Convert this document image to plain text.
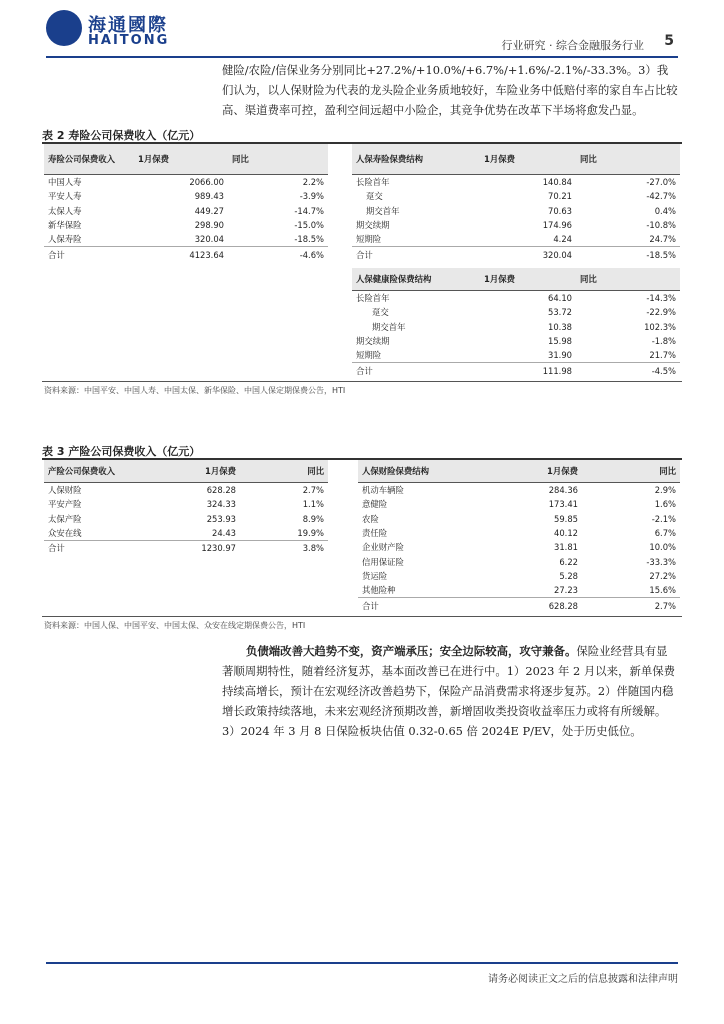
海通國際
HAITONG	行业研究 · 综合金融服务行业 5

健险/农险/信保业务分别同比+27.2%/+10.0%/+6.7%/+1.6%/-2.1%/-33.3%。3）我们认为，以人保财险为代表的龙头险企业务质地较好，车险业务中低赔付率的家自车占比较高、渠道费率可控，盈利空间远超中小险企，其竞争优势在改革下半场将愈发凸显。

表 2 寿险公司保费收入（亿元）
寿险公司保费收入	1月保费	同比
中国人寿	2066.00	2.2%
平安人寿	989.43	-3.9%
太保人寿	449.27	-14.7%
新华保险	298.90	-15.0%
人保寿险	320.04	-18.5%
合计	4123.64	-4.6%
人保寿险保费结构	1月保费	同比
长险首年	140.84	-27.0%
趸交	70.21	-42.7%
期交首年	70.63	0.4%
期交续期	174.96	-10.8%
短期险	4.24	24.7%
合计	320.04	-18.5%
人保健康险保费结构	1月保费	同比
长险首年	64.10	-14.3%
趸交	53.72	-22.9%
期交首年	10.38	102.3%
期交续期	15.98	-1.8%
短期险	31.90	21.7%
合计	111.98	-4.5%
资料来源：中国平安、中国人寿、中国太保、新华保险、中国人保定期保费公告，HTI
表 3 产险公司保费收入（亿元）
产险公司保费收入	1月保费	同比
人保财险	628.28	2.7%
平安产险	324.33	1.1%
太保产险	253.93	8.9%
众安在线	24.43	19.9%
合计	1230.97	3.8%
人保财险保费结构	1月保费	同比
机动车辆险	284.36	2.9%
意健险	173.41	1.6%
农险	59.85	-2.1%
责任险	40.12	6.7%
企业财产险	31.81	10.0%
信用保证险	6.22	-33.3%
货运险	5.28	27.2%
其他险种	27.23	15.6%
合计	628.28	2.7%
资料来源：中国人保、中国平安、中国太保、众安在线定期保费公告，HTI

负债端改善大趋势不变，资产端承压；安全边际较高，攻守兼备。保险业经营具有显著顺周期特性，随着经济复苏，基本面改善已在进行中。1）2023 年 2 月以来，新单保费持续高增长，预计在宏观经济改善趋势下，保险产品消费需求将逐步复苏。2）伴随国内稳增长政策持续落地，未来宏观经济预期改善，新增固收类投资收益率压力或将有所缓解。3）2024 年 3 月 8 日保险板块估值 0.32-0.65 倍 2024E P/EV，处于历史低位。

请务必阅读正文之后的信息披露和法律声明
